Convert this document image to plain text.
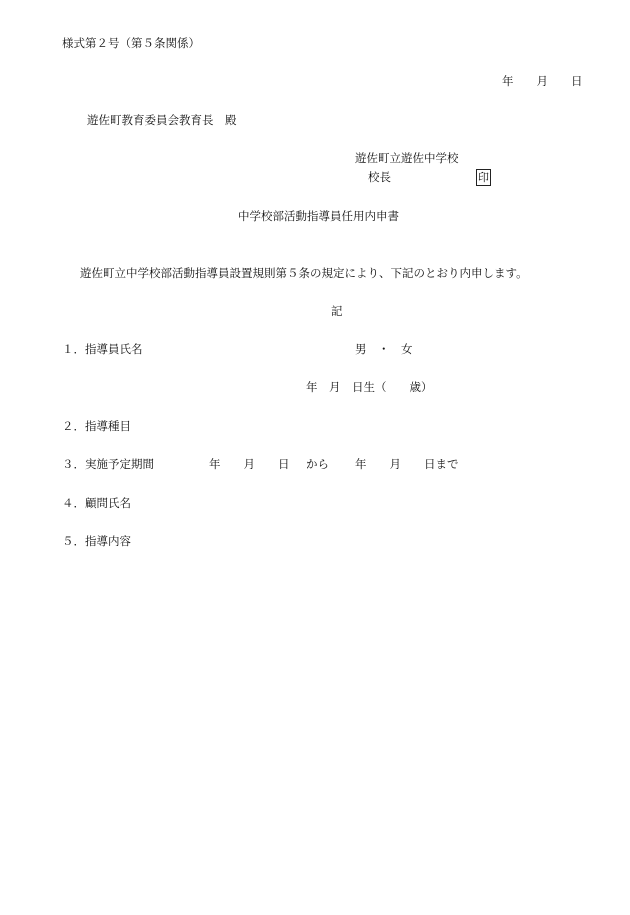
様式第２号（第５条関係）
年　　月　　日
遊佐町教育委員会教育長　殿
遊佐町立遊佐中学校
校長	印
中学校部活動指導員任用内申書
遊佐町立中学校部活動指導員設置規則第５条の規定により、下記のとおり内申します。
記
１．指導員氏名	男　・　女
年　月　日生（　　歳）
２．指導種目
３．実施予定期間	年　　月　　日 から 年　　月　　日まで
４．顧問氏名
５．指導内容
